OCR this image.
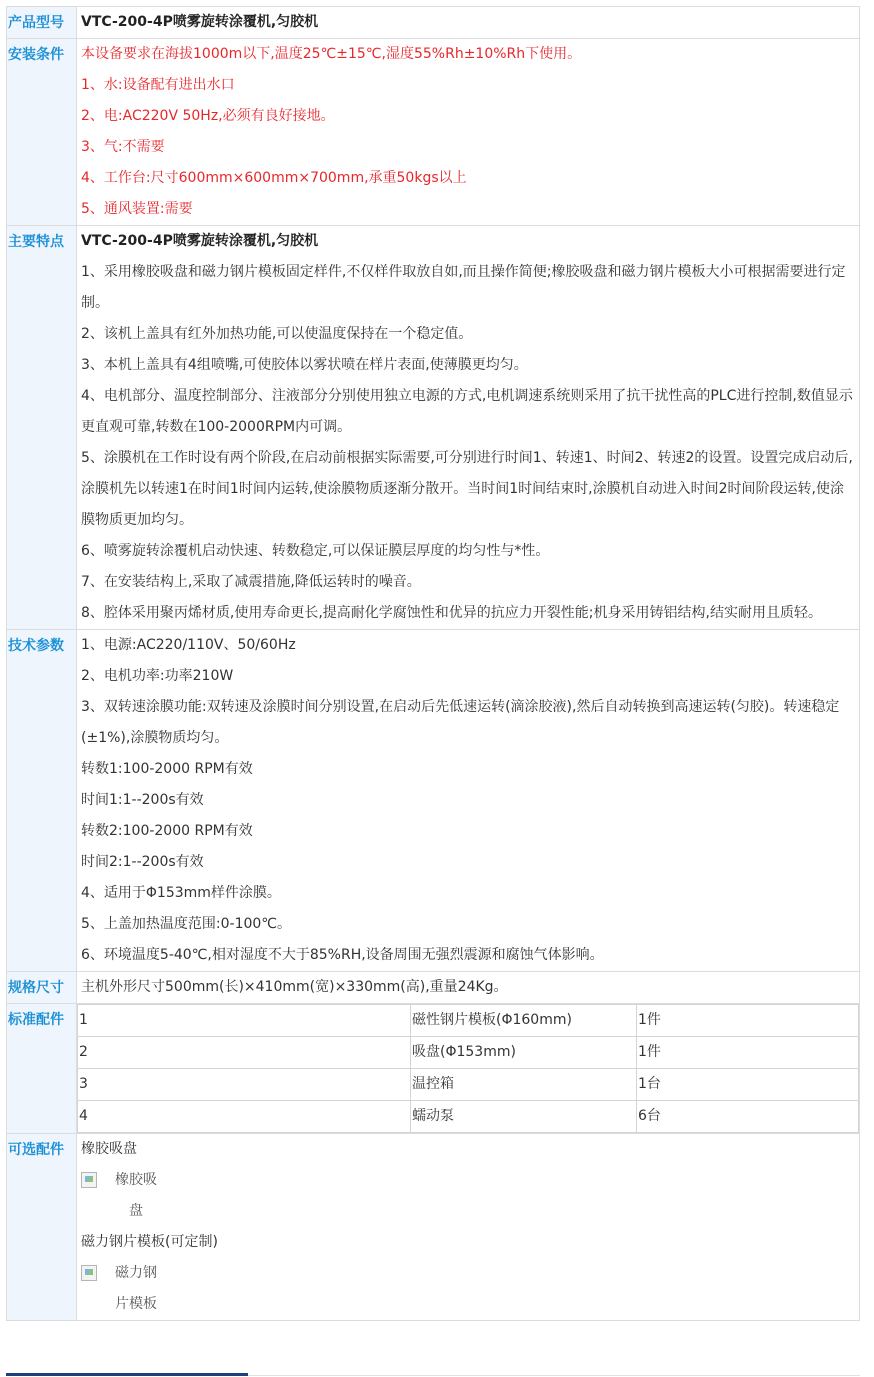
产品型号	VTC-200-4P喷雾旋转涂覆机,匀胶机

安装条件	本设备要求在海拔1000m以下,温度25℃±15℃,湿度55%Rh±10%Rh下使用。
1、水:设备配有进出水口
2、电:AC220V 50Hz,必须有良好接地。
3、气:不需要
4、工作台:尺寸600mm×600mm×700mm,承重50kgs以上
5、通风装置:需要

主要特点	VTC-200-4P喷雾旋转涂覆机,匀胶机
1、采用橡胶吸盘和磁力钢片模板固定样件,不仅样件取放自如,而且操作简便;橡胶吸盘和磁力钢片模板大小可根据需要进行定制。
2、该机上盖具有红外加热功能,可以使温度保持在一个稳定值。
3、本机上盖具有4组喷嘴,可使胶体以雾状喷在样片表面,使薄膜更均匀。
4、电机部分、温度控制部分、注液部分分别使用独立电源的方式,电机调速系统则采用了抗干扰性高的PLC进行控制,数值显示更直观可靠,转数在100-2000RPM内可调。
5、涂膜机在工作时设有两个阶段,在启动前根据实际需要,可分别进行时间1、转速1、时间2、转速2的设置。设置完成启动后,涂膜机先以转速1在时间1时间内运转,使涂膜物质逐渐分散开。当时间1时间结束时,涂膜机自动进入时间2时间阶段运转,使涂膜物质更加均匀。
6、喷雾旋转涂覆机启动快速、转数稳定,可以保证膜层厚度的均匀性与*性。
7、在安装结构上,采取了减震措施,降低运转时的噪音。
8、腔体采用聚丙烯材质,使用寿命更长,提高耐化学腐蚀性和优异的抗应力开裂性能;机身采用铸铝结构,结实耐用且质轻。

技术参数	1、电源:AC220/110V、50/60Hz
2、电机功率:功率210W
3、双转速涂膜功能:双转速及涂膜时间分别设置,在启动后先低速运转(滴涂胶液),然后自动转换到高速运转(匀胶)。转速稳定(±1%),涂膜物质均匀。
转数1:100-2000 RPM有效
时间1:1--200s有效
转数2:100-2000 RPM有效
时间2:1--200s有效
4、适用于Φ153mm样件涂膜。
5、上盖加热温度范围:0-100℃。
6、环境温度5-40℃,相对湿度不大于85%RH,设备周围无强烈震源和腐蚀气体影响。

规格尺寸	主机外形尺寸500mm(长)×410mm(宽)×330mm(高),重量24Kg。

标准配件	1	磁性钢片模板(Φ160mm)	1件
2	吸盘(Φ153mm)	1件
3	温控箱	1台
4	蠕动泵	6台

可选配件	橡胶吸盘
橡胶吸
盘
磁力钢片模板(可定制)
磁力钢
片模板
